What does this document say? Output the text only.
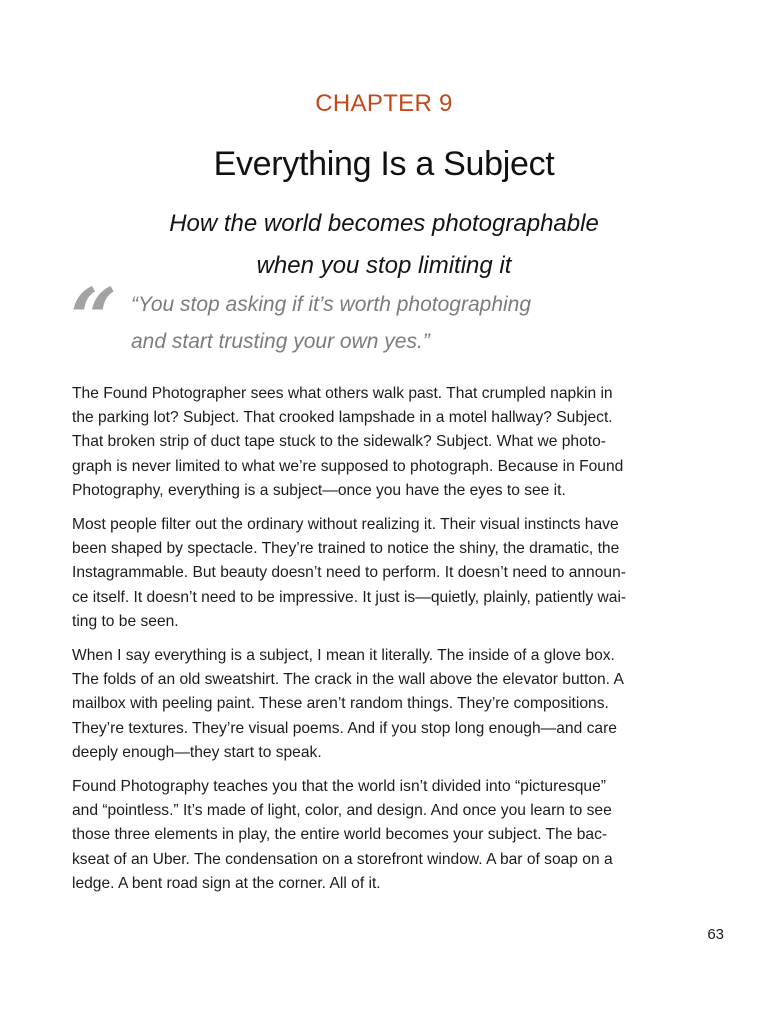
CHAPTER 9
Everything Is a Subject
How the world becomes photographable
when you stop limiting it
“ “You stop asking if it’s worth photographing
and start trusting your own yes.”

The Found Photographer sees what others walk past. That crumpled napkin in
the parking lot? Subject. That crooked lampshade in a motel hallway? Subject.
That broken strip of duct tape stuck to the sidewalk? Subject. What we photo-
graph is never limited to what we’re supposed to photograph. Because in Found
Photography, everything is a subject—once you have the eyes to see it.

Most people filter out the ordinary without realizing it. Their visual instincts have
been shaped by spectacle. They’re trained to notice the shiny, the dramatic, the
Instagrammable. But beauty doesn’t need to perform. It doesn’t need to announ-
ce itself. It doesn’t need to be impressive. It just is—quietly, plainly, patiently wai-
ting to be seen.

When I say everything is a subject, I mean it literally. The inside of a glove box.
The folds of an old sweatshirt. The crack in the wall above the elevator button. A
mailbox with peeling paint. These aren’t random things. They’re compositions.
They’re textures. They’re visual poems. And if you stop long enough—and care
deeply enough—they start to speak.

Found Photography teaches you that the world isn’t divided into “picturesque”
and “pointless.” It’s made of light, color, and design. And once you learn to see
those three elements in play, the entire world becomes your subject. The bac-
kseat of an Uber. The condensation on a storefront window. A bar of soap on a
ledge. A bent road sign at the corner. All of it.

63
